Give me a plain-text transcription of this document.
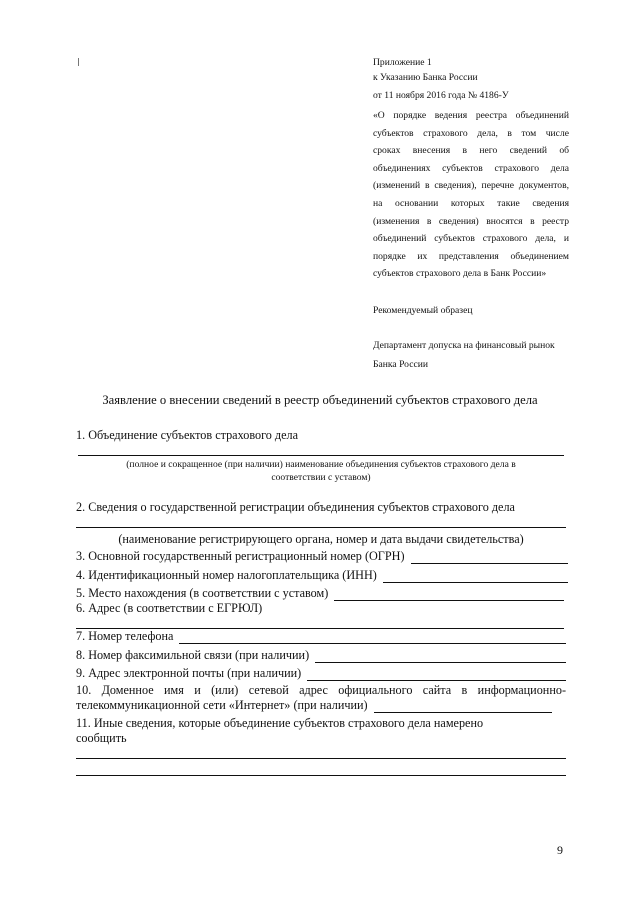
Приложение 1
к Указанию Банка России
от 11 ноября 2016 года № 4186-У
«О порядке ведения реестра объединений
субъектов страхового дела, в том числе
сроках внесения в него сведений об
объединениях субъектов страхового дела
(изменений в сведения), перечне документов,
на основании которых такие сведения
(изменения в сведения) вносятся в реестр
объединений субъектов страхового дела, и
порядке их представления объединением
субъектов страхового дела в Банк России»
Рекомендуемый образец
Департамент допуска на финансовый рынок
Банка России
Заявление о внесении сведений в реестр объединений субъектов страхового дела
1. Объединение субъектов страхового дела
(полное и сокращенное (при наличии) наименование объединения субъектов страхового дела в
соответствии с уставом)
2. Сведения о государственной регистрации объединения субъектов страхового дела
(наименование регистрирующего органа, номер и дата выдачи свидетельства)
3. Основной государственный регистрационный номер (ОГРН)
4. Идентификационный номер налогоплательщика (ИНН)
5. Место нахождения (в соответствии с уставом)
6. Адрес (в соответствии с ЕГРЮЛ)
7. Номер телефона
8. Номер факсимильной связи (при наличии)
9. Адрес электронной почты (при наличии)
10. Доменное имя и (или) сетевой адрес официального сайта в информационно-
телекоммуникационной сети «Интернет» (при наличии)
11. Иные сведения, которые объединение субъектов страхового дела намерено
сообщить
9
